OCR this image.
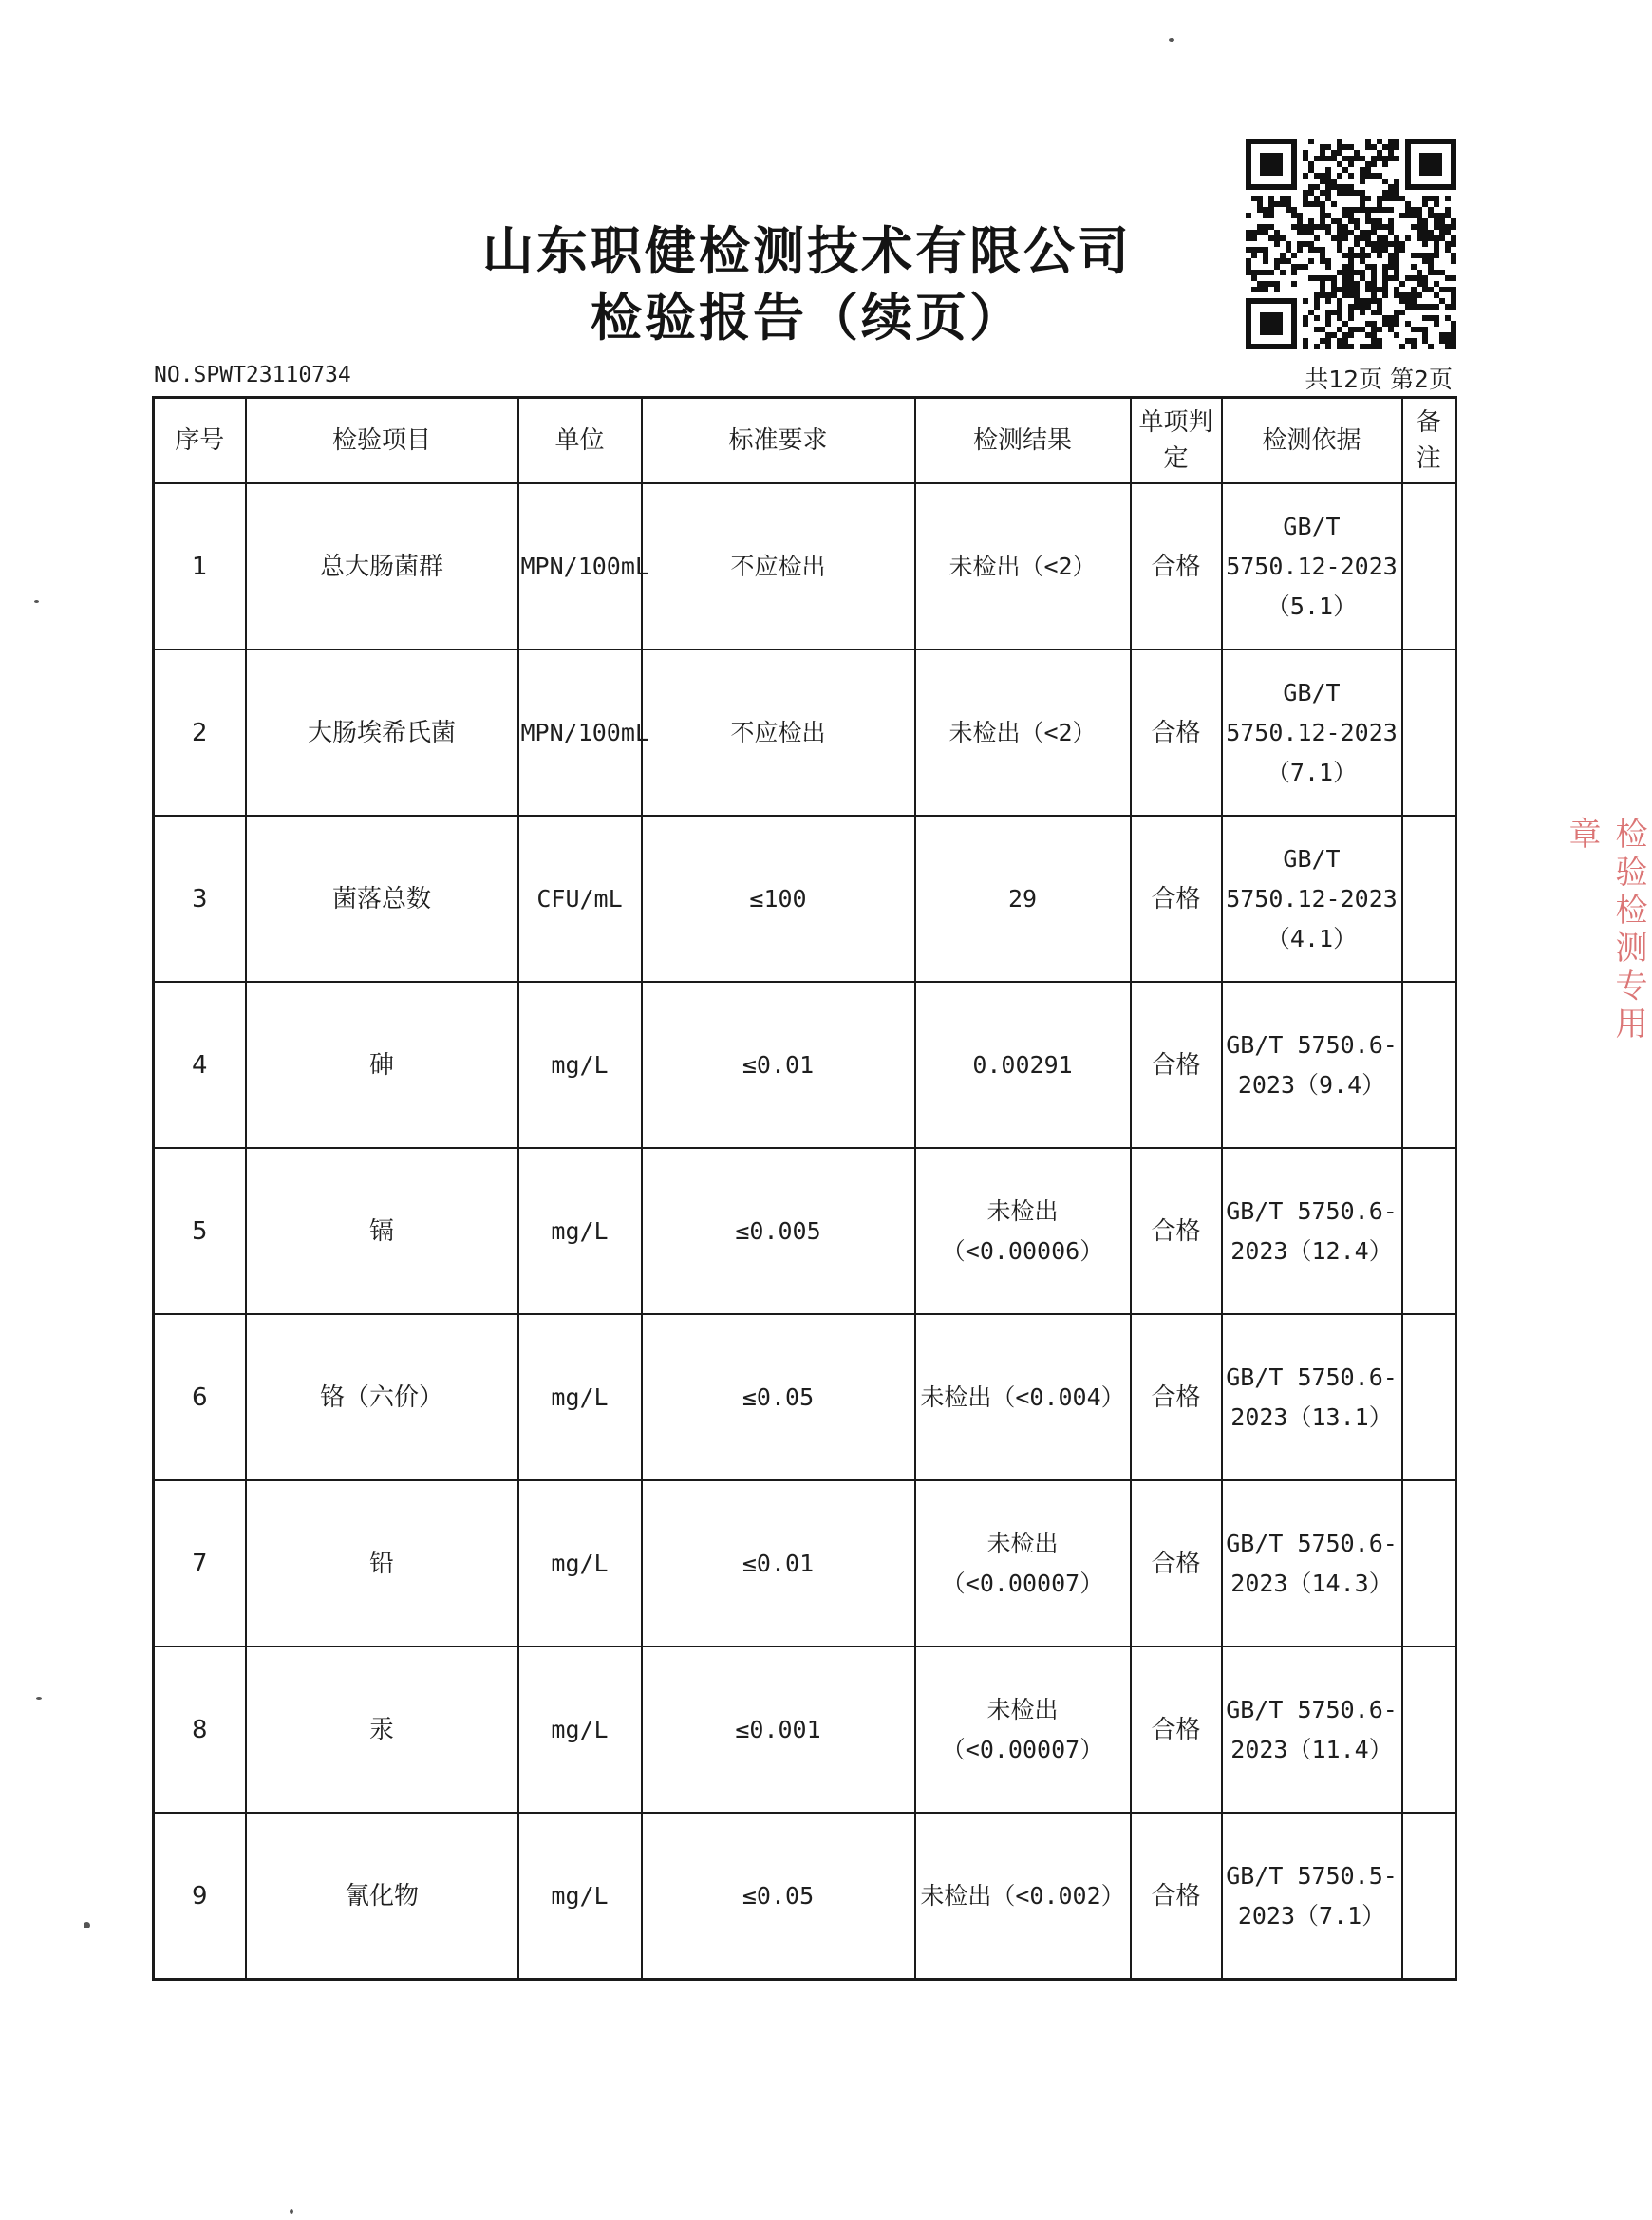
山东职健检测技术有限公司
检验报告（续页）
NO.SPWT23110734	共12页 第2页
序号	检验项目	单位	标准要求	检测结果	单项判定	检测依据	备注
1	总大肠菌群	MPN/100mL	不应检出	未检出（<2）	合格	GB/T 5750.12-2023（5.1）	
2	大肠埃希氏菌	MPN/100mL	不应检出	未检出（<2）	合格	GB/T 5750.12-2023（7.1）	
3	菌落总数	CFU/mL	≤100	29	合格	GB/T 5750.12-2023（4.1）	
4	砷	mg/L	≤0.01	0.00291	合格	GB/T 5750.6-2023（9.4）	
5	镉	mg/L	≤0.005	未检出（<0.00006）	合格	GB/T 5750.6-2023（12.4）	
6	铬（六价）	mg/L	≤0.05	未检出（<0.004）	合格	GB/T 5750.6-2023（13.1）	
7	铅	mg/L	≤0.01	未检出（<0.00007）	合格	GB/T 5750.6-2023（14.3）	
8	汞	mg/L	≤0.001	未检出（<0.00007）	合格	GB/T 5750.6-2023（11.4）	
9	氰化物	mg/L	≤0.05	未检出（<0.002）	合格	GB/T 5750.5-2023（7.1）	
检验检测专用章
